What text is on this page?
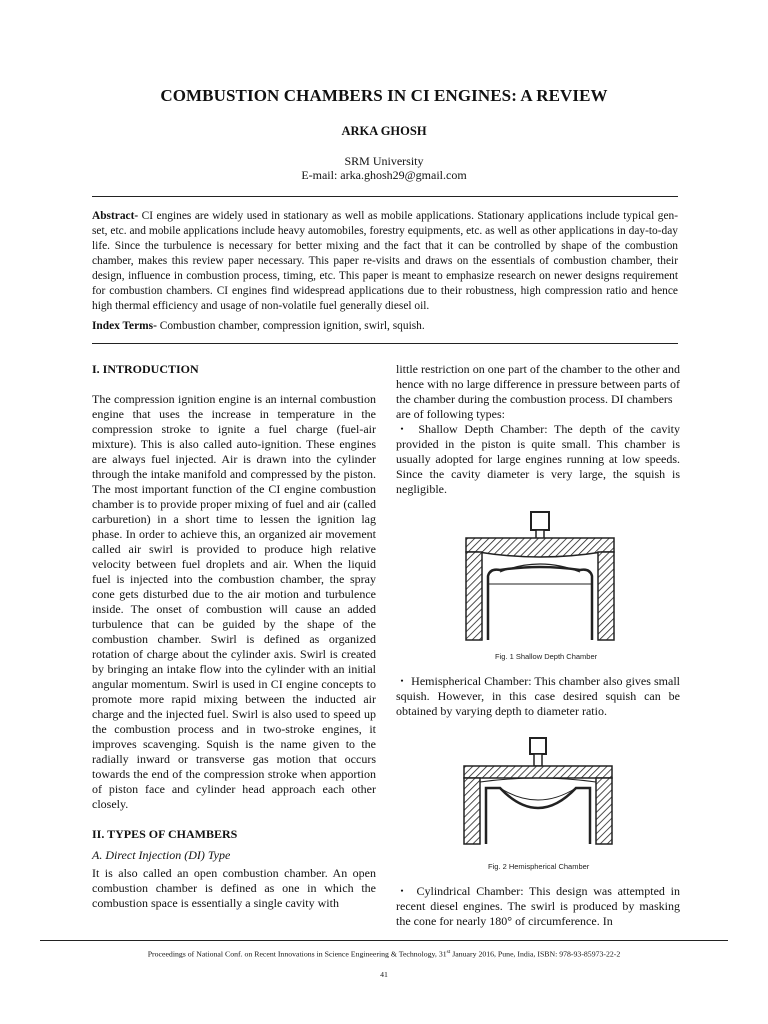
COMBUSTION CHAMBERS IN CI ENGINES: A REVIEW
ARKA GHOSH
SRM University
E-mail: arka.ghosh29@gmail.com
Abstract- CI engines are widely used in stationary as well as mobile applications. Stationary applications include typical gen-set, etc. and mobile applications include heavy automobiles, forestry equipments, etc. as well as other applications in day-to-day life. Since the turbulence is necessary for better mixing and the fact that it can be controlled by shape of the combustion chamber, makes this review paper necessary. This paper re-visits and draws on the essentials of combustion chamber, their design, influence in combustion process, timing, etc. This paper is meant to emphasize research on newer designs requirement for combustion chambers. CI engines find widespread applications due to their robustness, high compression ratio and hence high thermal efficiency and usage of non-volatile fuel generally diesel oil.
Index Terms- Combustion chamber, compression ignition, swirl, squish.

I. INTRODUCTION

The compression ignition engine is an internal combustion engine that uses the increase in temperature in the compression stroke to ignite a fuel charge (fuel-air mixture). This is also called auto-ignition. These engines are always fuel injected. Air is drawn into the cylinder through the intake manifold and compressed by the piston. The most important function of the CI engine combustion chamber is to provide proper mixing of fuel and air (called carburetion) in a short time to lessen the ignition lag phase. In order to achieve this, an organized air movement called air swirl is provided to produce high relative velocity between fuel droplets and air. When the liquid fuel is injected into the combustion chamber, the spray cone gets disturbed due to the air motion and turbulence inside. The onset of combustion will cause an added turbulence that can be guided by the shape of the combustion chamber. Swirl is defined as organized rotation of charge about the cylinder axis. Swirl is created by bringing an intake flow into the cylinder with an initial angular momentum. Swirl is used in CI engine concepts to promote more rapid mixing between the inducted air charge and the injected fuel. Swirl is also used to speed up the combustion process and in two-stroke engines, it improves scavenging. Squish is the name given to the radially inward or transverse gas motion that occurs towards the end of the compression stroke when apportion of piston face and cylinder head approach each other closely.

II. TYPES OF CHAMBERS

A. Direct Injection (DI) Type

It is also called an open combustion chamber. An open combustion chamber is defined as one in which the combustion space is essentially a single cavity with

little restriction on one part of the chamber to the other and hence with no large difference in pressure between parts of the chamber during the combustion process. DI chambers

are of following types:

・ Shallow Depth Chamber: The depth of the cavity provided in the piston is quite small. This chamber is usually adopted for large engines running at low speeds. Since the cavity diameter is very large, the squish is negligible.

Fig. 1 Shallow Depth Chamber

・ Hemispherical Chamber: This chamber also gives small squish. However, in this case desired squish can be obtained by varying depth to diameter ratio.

Fig. 2 Hemispherical Chamber

・ Cylindrical Chamber: This design was attempted in recent diesel engines. The swirl is produced by masking the cone for nearly 180° of circumference. In

Proceedings of National Conf. on Recent Innovations in Science Engineering & Technology, 31st January 2016, Pune, India, ISBN: 978-93-85973-22-2
41
